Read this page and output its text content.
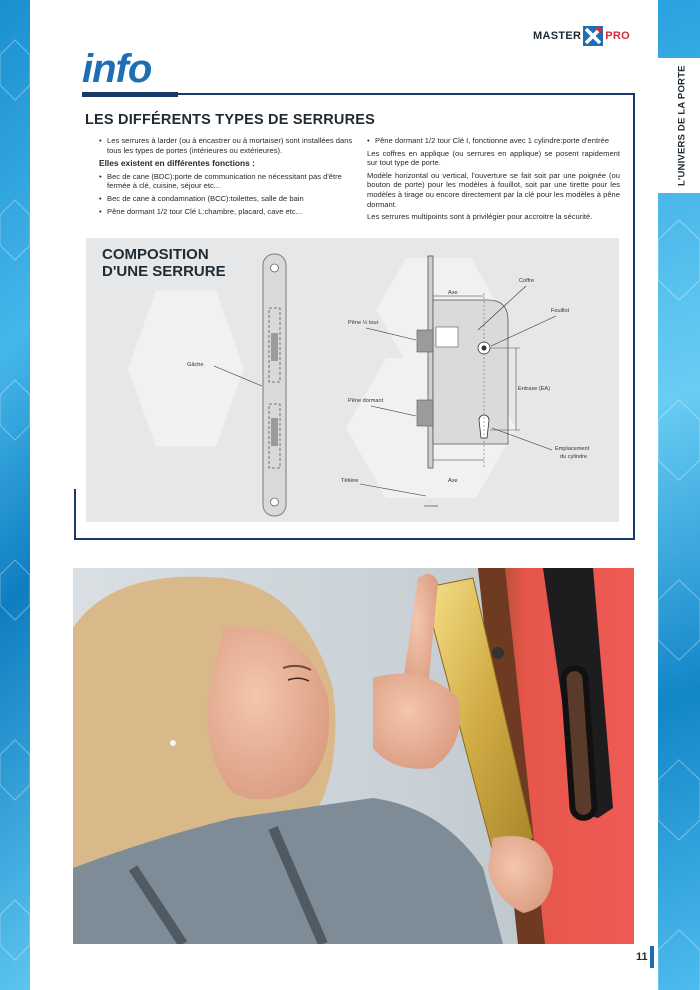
L'UNIVERS DE LA PORTE
MASTER PRO
info
LES DIFFÉRENTS TYPES DE SERRURES

• Les serrures à larder (ou à encastrer ou à mortaiser) sont installées dans tous les types de portes (intérieures ou extérieures).

Elles existent en différentes fonctions :

• Bec de cane (BDC):porte de communication ne nécessitant pas d'être fermée à clé, cuisine, séjour etc...

• Bec de cane à condamnation (BCC):toilettes, salle de bain

• Pêne dormant 1/2 tour Clé L:chambre, placard, cave etc...

• Pêne dormant 1/2 tour Clé I, fonctionne avec 1 cylindre:porte d'entrée

Les coffres en applique (ou serrures en applique) se posent rapidement sur tout type de porte.

Modèle horizontal ou vertical, l'ouverture se fait soit par une poignée (ou bouton de porte) pour les modèles à fouillot, soit par une tirette pour les modèles à tirage ou encore directement par la clé pour les modèles à pêne dormant.

Les serrures multipoints sont à privilégier pour accroitre la sécurité.

Gâche
Axe
Axe
Coffre
Fouillot
Entraxe (EA)
Emplacement
du cylindre
Pêne ½ tour
Pêne dormant
Têtière
COMPOSITION
D'UNE SERRURE
11
